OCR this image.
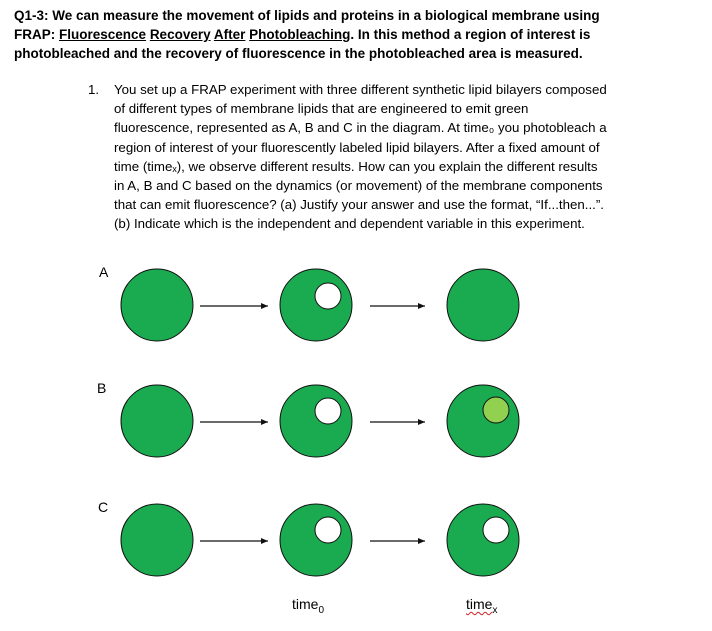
Q1-3: We can measure the movement of lipids and proteins in a biological membrane using
FRAP: Fluorescence Recovery After Photobleaching. In this method a region of interest is
photobleached and the recovery of fluorescence in the photobleached area is measured.
1.	You set up a FRAP experiment with three different synthetic lipid bilayers composed

of different types of membrane lipids that are engineered to emit green

fluorescence, represented as A, B and C in the diagram. At time₀ you photobleach a

region of interest of your fluorescently labeled lipid bilayers. After a fixed amount of

time (timeₓ), we observe different results. How can you explain the different results

in A, B and C based on the dynamics (or movement) of the membrane components

that can emit fluorescence? (a) Justify your answer and use the format, “If...then...”.

(b) Indicate which is the independent and dependent variable in this experiment.

A
B
C
time$_0$	time$_x$
